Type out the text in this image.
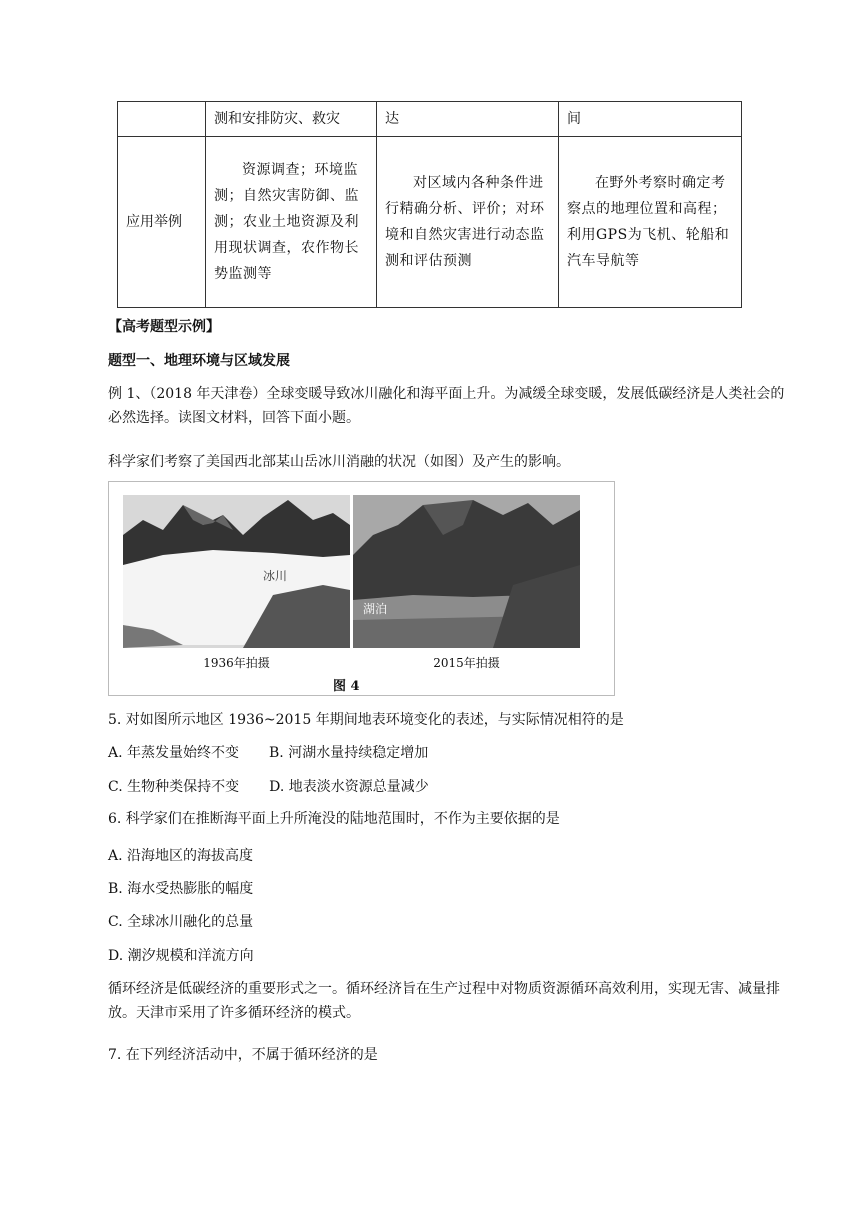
	测和安排防灾、救灾	达	间
应用举例	资源调查；环境监测；自然灾害防御、监测；农业土地资源及利用现状调查，农作物长势监测等	对区域内各种条件进行精确分析、评价；对环境和自然灾害进行动态监测和评估预测	在野外考察时确定考察点的地理位置和高程；利用GPS为飞机、轮船和汽车导航等
【高考题型示例】
题型一、地理环境与区域发展
例 1、（2018 年天津卷）全球变暖导致冰川融化和海平面上升。为减缓全球变暖，发展低碳经济是人类社会的必然选择。读图文材料，回答下面小题。
科学家们考察了美国西北部某山岳冰川消融的状况（如图）及产生的影响。
冰川
湖泊
1936年拍摄	2015年拍摄
图 4
5. 对如图所示地区 1936~2015 年期间地表环境变化的表述，与实际情况相符的是
A. 年蒸发量始终不变 B. 河湖水量持续稳定增加
C. 生物种类保持不变 D. 地表淡水资源总量减少
6. 科学家们在推断海平面上升所淹没的陆地范围时，不作为主要依据的是
A. 沿海地区的海拔高度
B. 海水受热膨胀的幅度
C. 全球冰川融化的总量
D. 潮汐规模和洋流方向
循环经济是低碳经济的重要形式之一。循环经济旨在生产过程中对物质资源循环高效利用，实现无害、减量排放。天津市采用了许多循环经济的模式。
7. 在下列经济活动中，不属于循环经济的是
